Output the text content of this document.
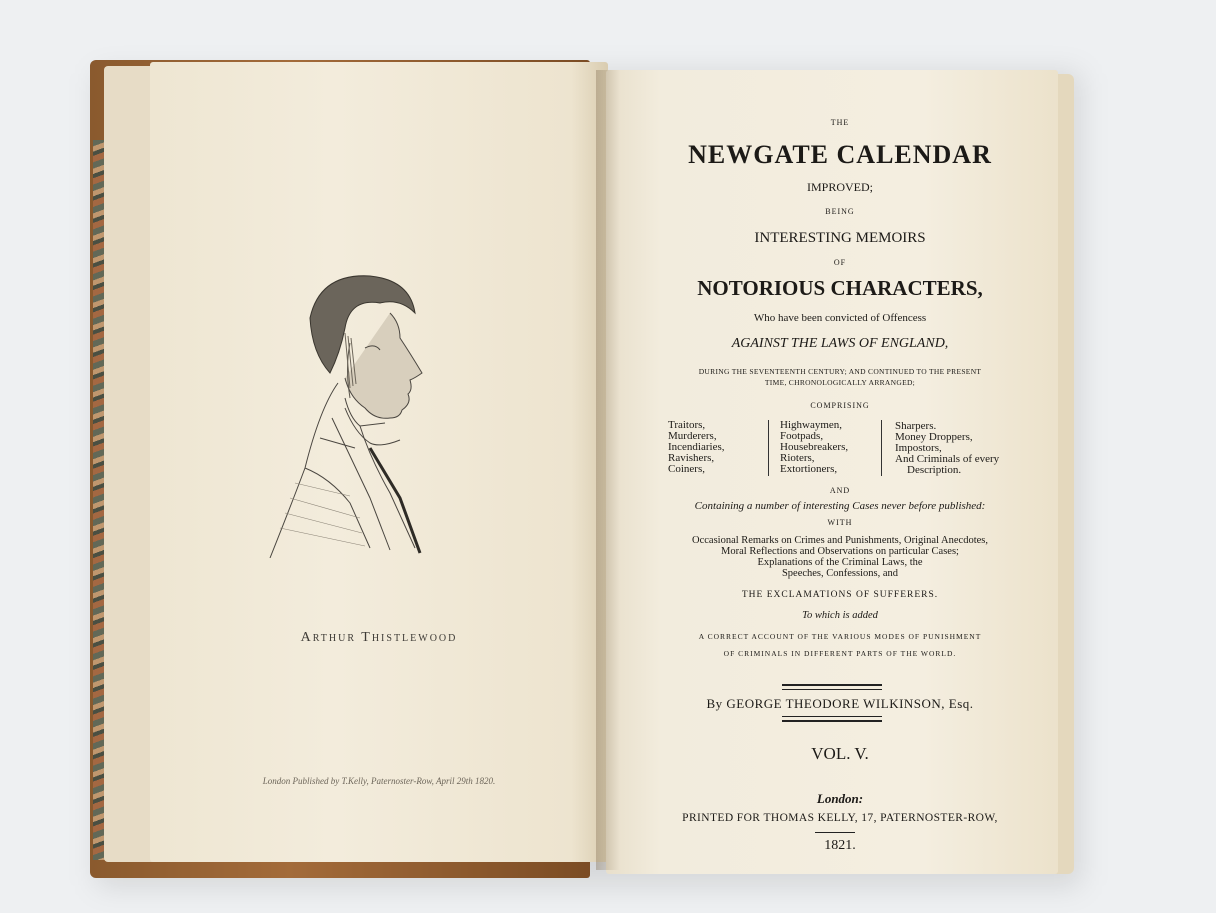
Arthur Thistlewood
London Published by T.Kelly, Paternoster-Row, April 29th 1820.
THE
NEWGATE CALENDAR
IMPROVED;
BEING
INTERESTING MEMOIRS
OF
NOTORIOUS CHARACTERS,
Who have been convicted of Offencess
AGAINST THE LAWS OF ENGLAND,
DURING THE SEVENTEENTH CENTURY; AND CONTINUED TO THE PRESENT
TIME, CHRONOLOGICALLY ARRANGED;
COMPRISING
Traitors,
Murderers,
Incendiaries,
Ravishers,
Coiners,
Highwaymen,
Footpads,
Housebreakers,
Rioters,
Extortioners,
Sharpers.
Money Droppers,
Impostors,
And Criminals of every
Description.
AND
Containing a number of interesting Cases never before published:
WITH
Occasional Remarks on Crimes and Punishments, Original Anecdotes,
Moral Reflections and Observations on particular Cases;
Explanations of the Criminal Laws, the
Speeches, Confessions, and
THE EXCLAMATIONS OF SUFFERERS.
To which is added
A CORRECT ACCOUNT OF THE VARIOUS MODES OF PUNISHMENT
OF CRIMINALS IN DIFFERENT PARTS OF THE WORLD.
By GEORGE THEODORE WILKINSON, Esq.
VOL. V.
London:
PRINTED FOR THOMAS KELLY, 17, PATERNOSTER-ROW,
1821.
